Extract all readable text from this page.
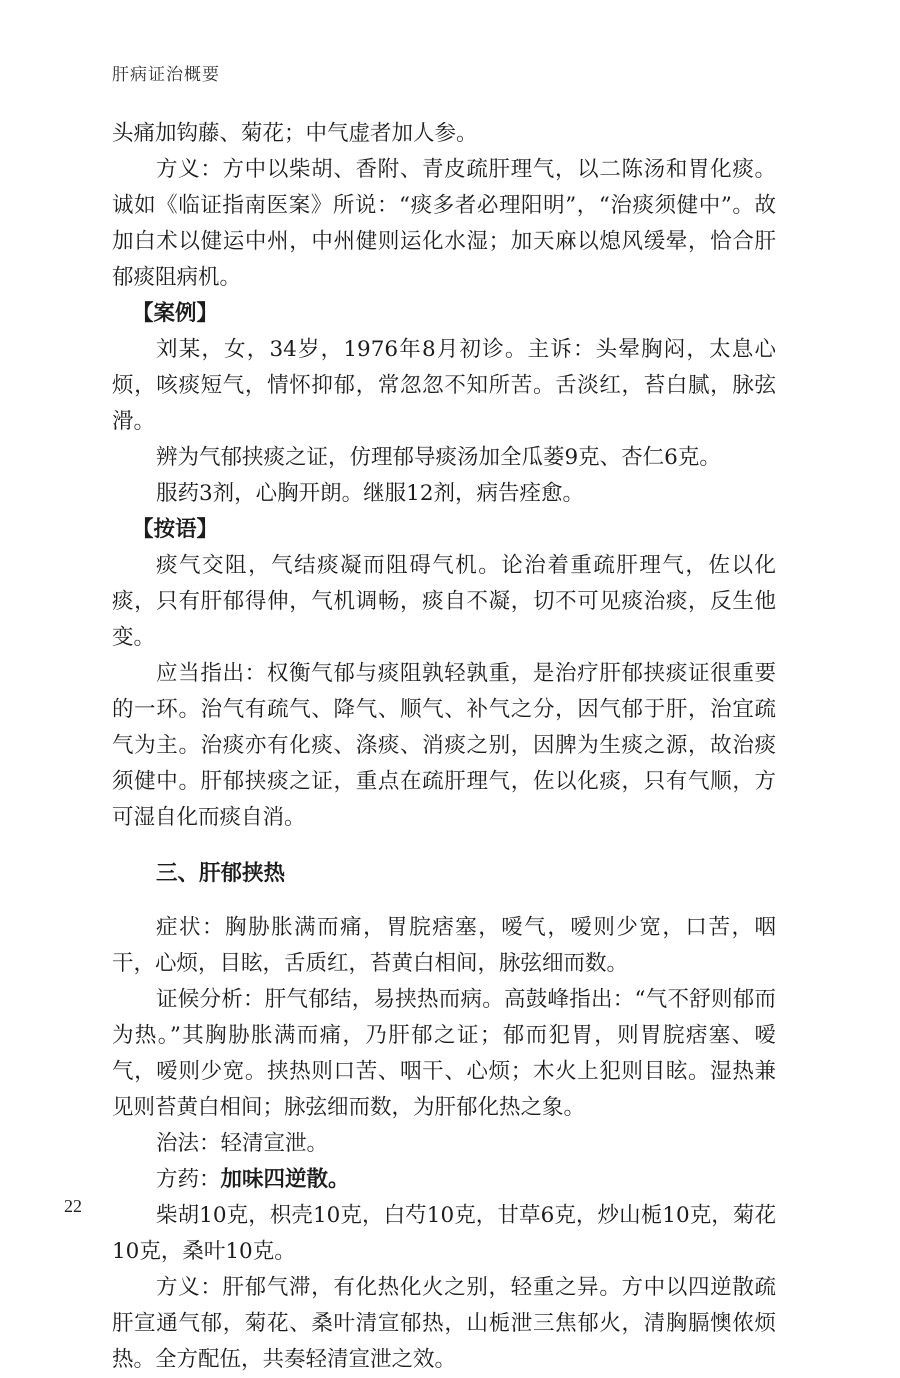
肝病证治概要

头痛加钩藤、菊花；中气虚者加人参。

方义：方中以柴胡、香附、青皮疏肝理气，以二陈汤和胃化痰。诚如《临证指南医案》所说：“痰多者必理阳明”，“治痰须健中”。故加白术以健运中州，中州健则运化水湿；加天麻以熄风缓晕，恰合肝郁痰阻病机。

【案例】

刘某，女，34岁，1976年8月初诊。主诉：头晕胸闷，太息心烦，咳痰短气，情怀抑郁，常忽忽不知所苦。舌淡红，苔白腻，脉弦滑。

辨为气郁挟痰之证，仿理郁导痰汤加全瓜蒌9克、杏仁6克。

服药3剂，心胸开朗。继服12剂，病告痊愈。

【按语】

痰气交阻，气结痰凝而阻碍气机。论治着重疏肝理气，佐以化痰，只有肝郁得伸，气机调畅，痰自不凝，切不可见痰治痰，反生他变。

应当指出：权衡气郁与痰阻孰轻孰重，是治疗肝郁挟痰证很重要的一环。治气有疏气、降气、顺气、补气之分，因气郁于肝，治宜疏气为主。治痰亦有化痰、涤痰、消痰之别，因脾为生痰之源，故治痰须健中。肝郁挟痰之证，重点在疏肝理气，佐以化痰，只有气顺，方可湿自化而痰自消。

三、肝郁挟热

症状：胸胁胀满而痛，胃脘痞塞，嗳气，嗳则少宽，口苦，咽干，心烦，目眩，舌质红，苔黄白相间，脉弦细而数。

证候分析：肝气郁结，易挟热而病。高鼓峰指出：“气不舒则郁而为热。”其胸胁胀满而痛，乃肝郁之证；郁而犯胃，则胃脘痞塞、嗳气，嗳则少宽。挟热则口苦、咽干、心烦；木火上犯则目眩。湿热兼见则苔黄白相间；脉弦细而数，为肝郁化热之象。

治法：轻清宣泄。

方药：加味四逆散。

柴胡10克，枳壳10克，白芍10克，甘草6克，炒山栀10克，菊花10克，桑叶10克。

方义：肝郁气滞，有化热化火之别，轻重之异。方中以四逆散疏肝宣通气郁，菊花、桑叶清宣郁热，山栀泄三焦郁火，清胸膈懊侬烦热。全方配伍，共奏轻清宣泄之效。

22
